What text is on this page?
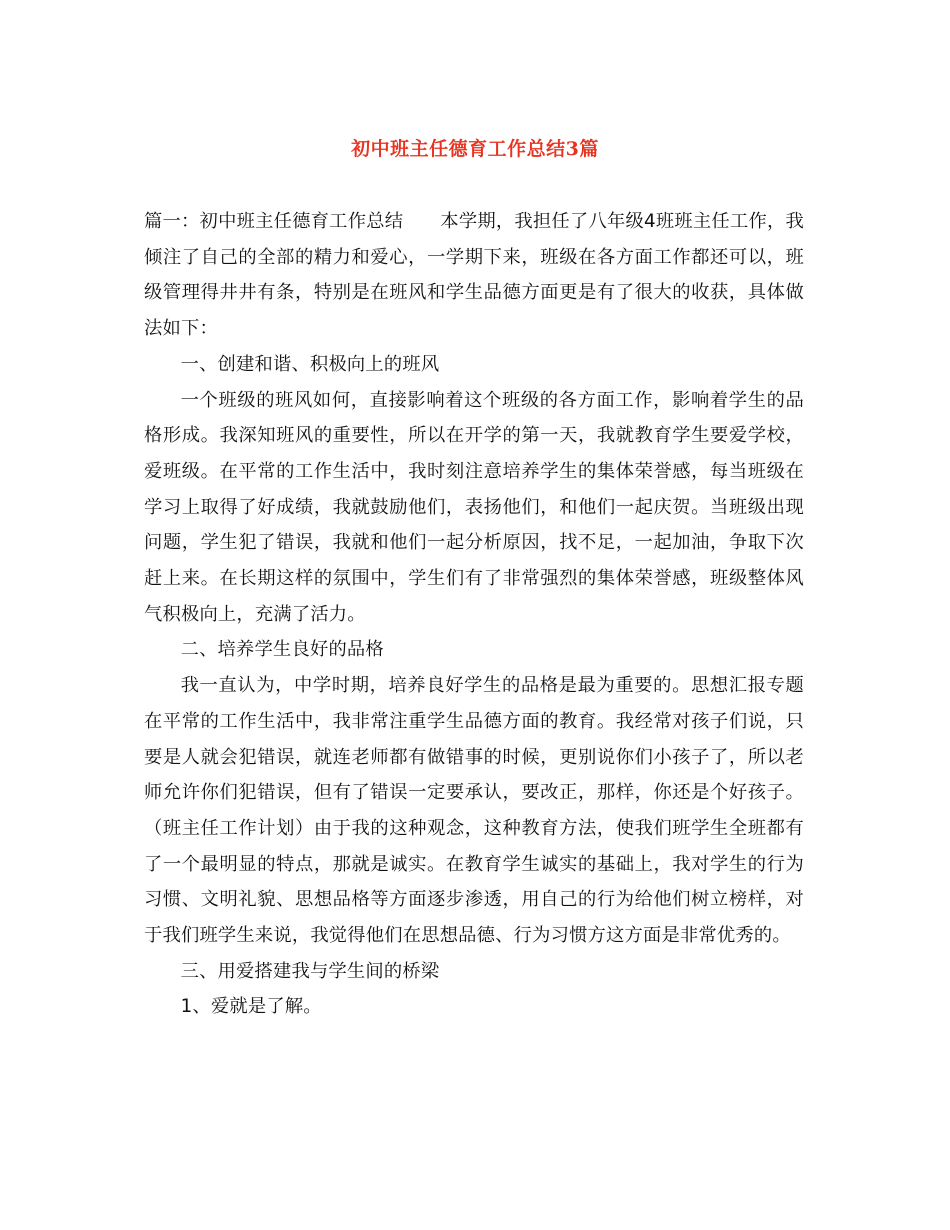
初中班主任德育工作总结3篇

篇一：初中班主任德育工作总结　　本学期，我担任了八年级4班班主任工作，我倾注了自己的全部的精力和爱心，一学期下来，班级在各方面工作都还可以，班级管理得井井有条，特别是在班风和学生品德方面更是有了很大的收获，具体做法如下：

一、创建和谐、积极向上的班风

一个班级的班风如何，直接影响着这个班级的各方面工作，影响着学生的品格形成。我深知班风的重要性，所以在开学的第一天，我就教育学生要爱学校，爱班级。在平常的工作生活中，我时刻注意培养学生的集体荣誉感，每当班级在学习上取得了好成绩，我就鼓励他们，表扬他们，和他们一起庆贺。当班级出现问题，学生犯了错误，我就和他们一起分析原因，找不足，一起加油，争取下次赶上来。在长期这样的氛围中，学生们有了非常强烈的集体荣誉感，班级整体风气积极向上，充满了活力。

二、培养学生良好的品格

我一直认为，中学时期，培养良好学生的品格是最为重要的。思想汇报专题在平常的工作生活中，我非常注重学生品德方面的教育。我经常对孩子们说，只要是人就会犯错误，就连老师都有做错事的时候，更别说你们小孩子了，所以老师允许你们犯错误，但有了错误一定要承认，要改正，那样，你还是个好孩子。（班主任工作计划）由于我的这种观念，这种教育方法，使我们班学生全班都有了一个最明显的特点，那就是诚实。在教育学生诚实的基础上，我对学生的行为习惯、文明礼貌、思想品格等方面逐步渗透，用自己的行为给他们树立榜样，对于我们班学生来说，我觉得他们在思想品德、行为习惯方这方面是非常优秀的。

三、用爱搭建我与学生间的桥梁

1、爱就是了解。
